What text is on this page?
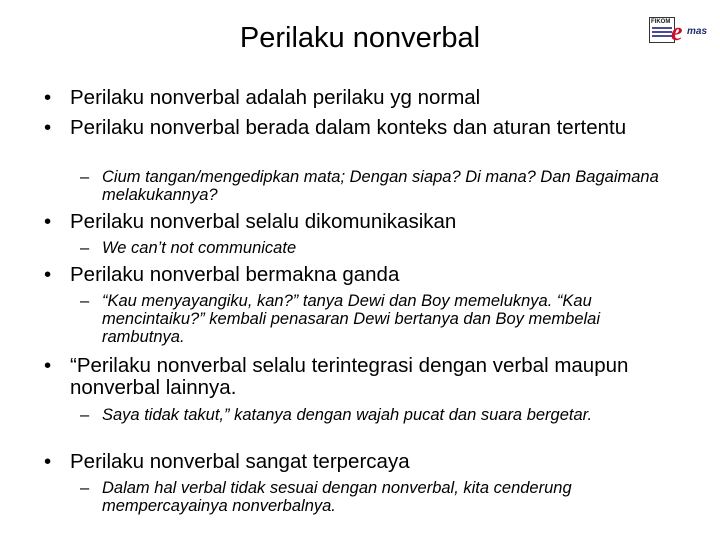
Perilaku nonverbal	FIKOM e mas
• Perilaku nonverbal adalah perilaku yg normal
• Perilaku nonverbal berada dalam konteks dan aturan tertentu
– Cium tangan/mengedipkan mata; Dengan siapa? Di mana? Dan Bagaimana melakukannya?
• Perilaku nonverbal selalu dikomunikasikan
– We can’t not communicate
• Perilaku nonverbal bermakna ganda
– “Kau menyayangiku, kan?” tanya Dewi dan Boy memeluknya. “Kau mencintaiku?” kembali penasaran Dewi bertanya dan Boy membelai rambutnya.
• “Perilaku nonverbal selalu terintegrasi dengan verbal maupun nonverbal lainnya.
– Saya tidak takut,” katanya dengan wajah pucat dan suara bergetar.
• Perilaku nonverbal sangat terpercaya
– Dalam hal verbal tidak sesuai dengan nonverbal, kita cenderung mempercayainya nonverbalnya.
